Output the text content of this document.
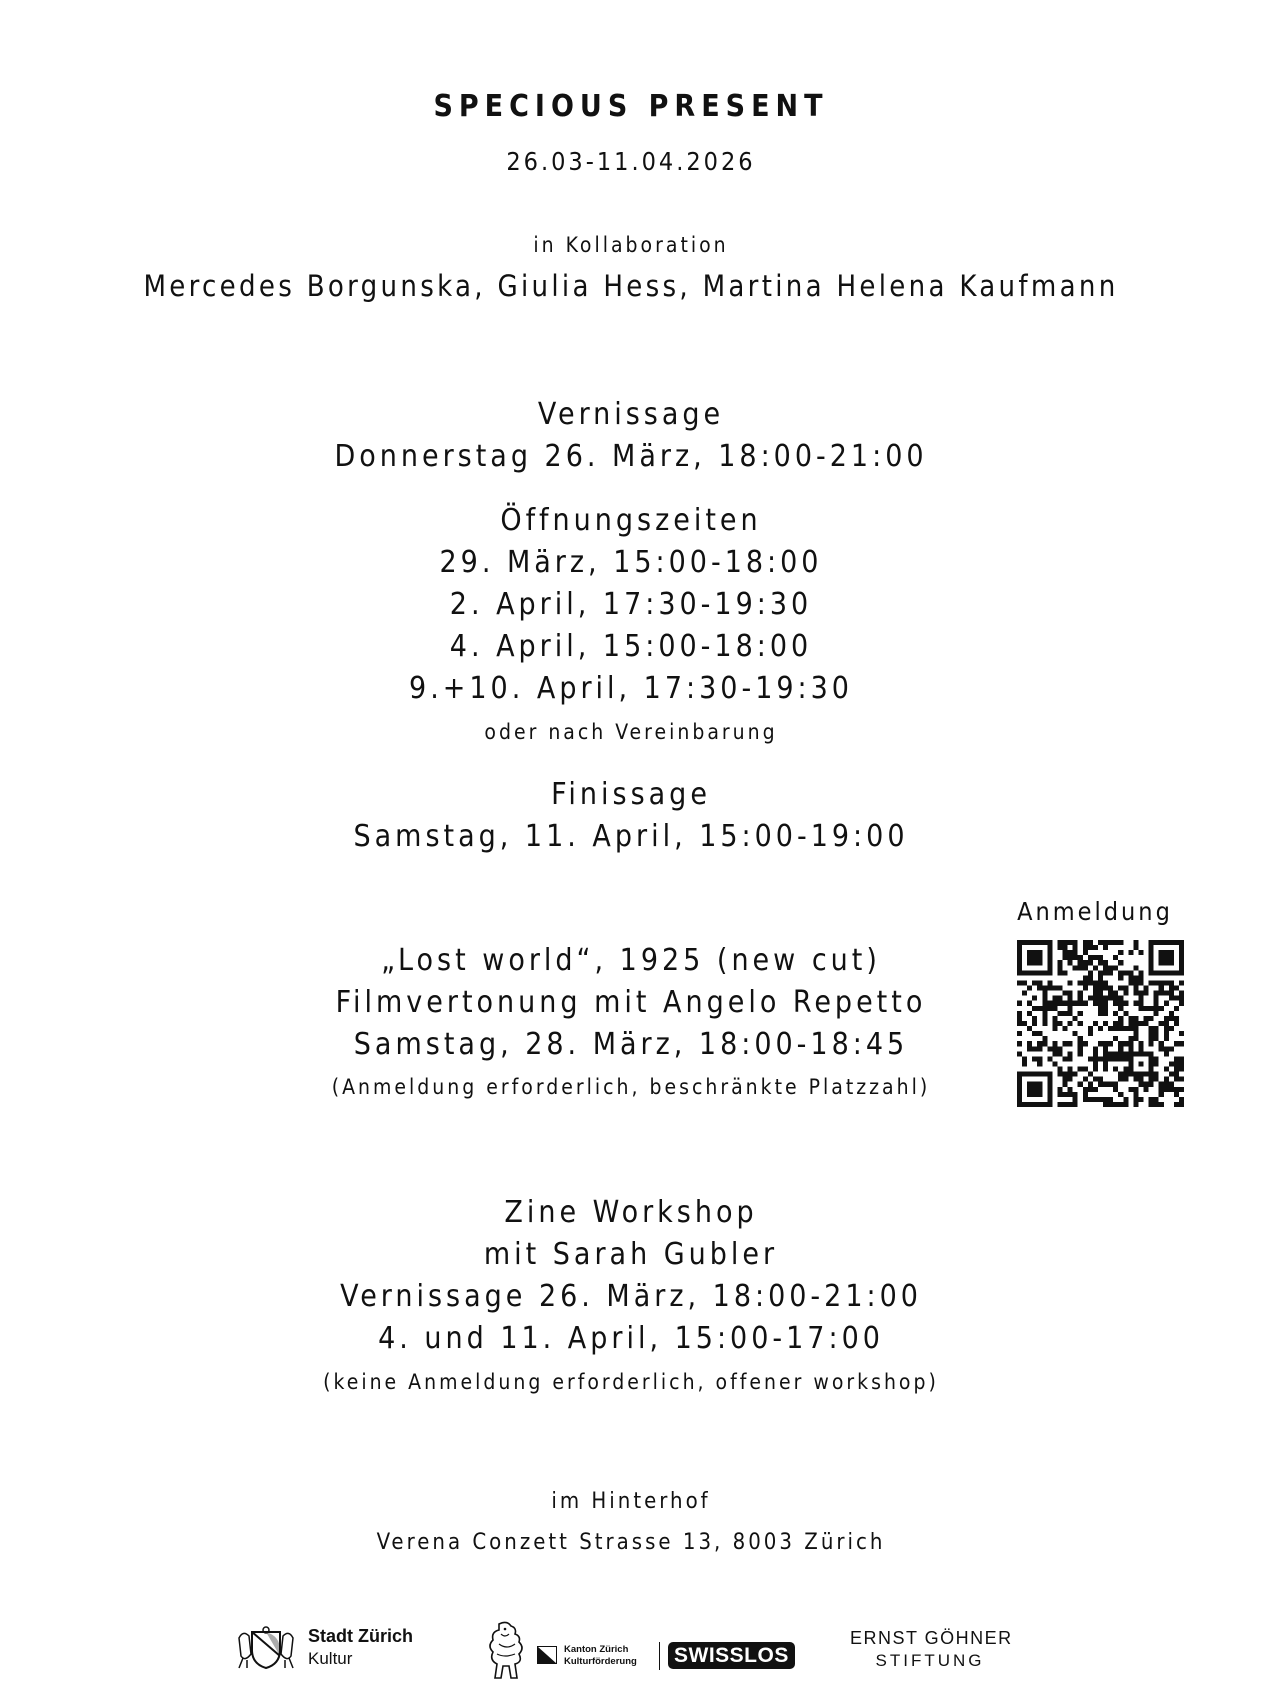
SPECIOUS PRESENT
26.03-11.04.2026
in Kollaboration
Mercedes Borgunska, Giulia Hess, Martina Helena Kaufmann
Vernissage
Donnerstag 26. März, 18:00-21:00
Öffnungszeiten
29. März, 15:00-18:00
2. April, 17:30-19:30
4. April, 15:00-18:00
9.+10. April, 17:30-19:30
oder nach Vereinbarung
Finissage
Samstag, 11. April, 15:00-19:00
Anmeldung
„Lost world“, 1925 (new cut)
Filmvertonung mit Angelo Repetto
Samstag, 28. März, 18:00-18:45
(Anmeldung erforderlich, beschränkte Platzzahl)
Zine Workshop
mit Sarah Gubler
Vernissage 26. März, 18:00-21:00
4. und 11. April, 15:00-17:00
(keine Anmeldung erforderlich, offener workshop)
im Hinterhof
Verena Conzett Strasse 13, 8003 Zürich
Stadt Zürich
Kultur	Kanton Zürich
Kulturförderung SWISSLOS
ERNST GÖHNER
STIFTUNG
